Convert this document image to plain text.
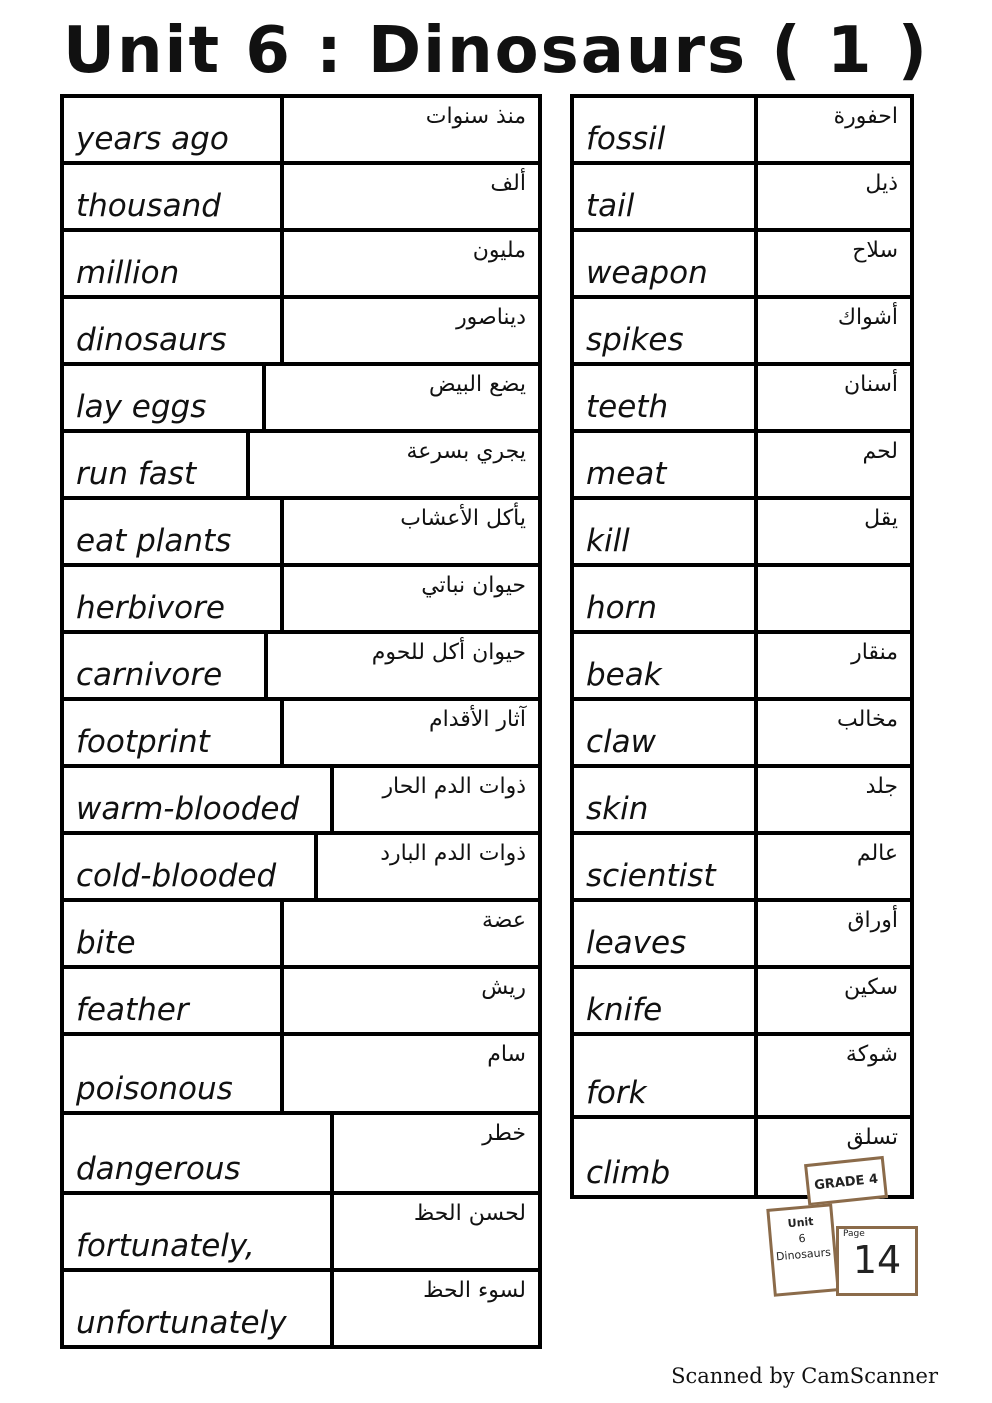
Unit 6 : Dinosaurs ( 1 )
years ago
منذ سنوات
thousand
ألف
million
مليون
dinosaurs
ديناصور
lay eggs
يضع البيض
run fast
يجري بسرعة
eat plants
يأكل الأعشاب
herbivore
حيوان نباتي
carnivore
حيوان أكل للحوم
footprint
آثار الأقدام
warm-blooded
ذوات الدم الحار
cold-blooded
ذوات الدم البارد
bite
عضة
feather
ريش
poisonous
سام
dangerous
خطر
fortunately,
لحسن الحظ
unfortunately
لسوء الحظ
fossil
احفورة
tail
ذيل
weapon
سلاح
spikes
أشواك
teeth
أسنان
meat
لحم
kill
يقل
horn
beak
منقار
claw
مخالب
skin
جلد
scientist
عالم
leaves
أوراق
knife
سكين
fork
شوكة
climb
تسلق
GRADE 4
Unit
6
Dinosaurs
Page
14
Scanned by CamScanner
